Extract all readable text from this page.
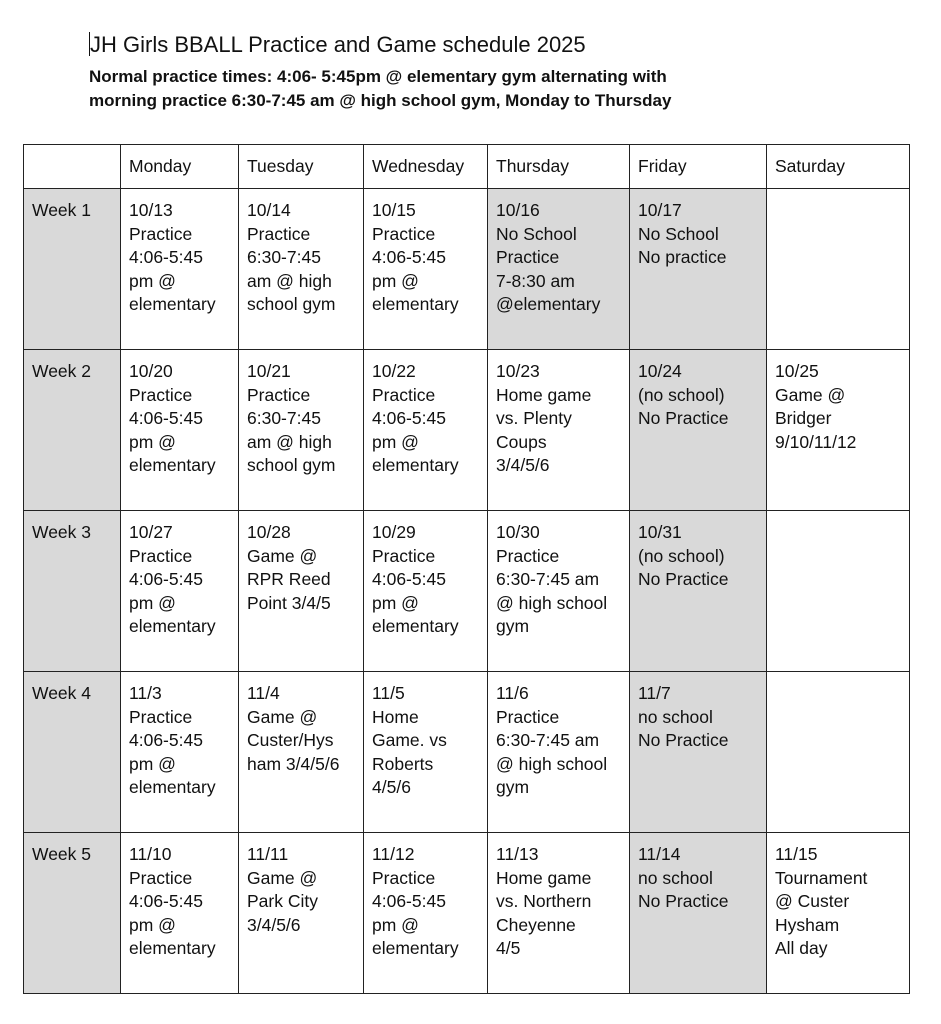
JH Girls BBALL Practice and Game schedule 2025

Normal practice times: 4:06- 5:45pm @ elementary gym alternating with
morning practice 6:30-7:45 am @ high school gym, Monday to Thursday

	Monday	Tuesday	Wednesday	Thursday	Friday	Saturday
Week 1	10/13
Practice
4:06-5:45
pm @
elementary	10/14
Practice
6:30-7:45
am @ high
school gym	10/15
Practice
4:06-5:45
pm @
elementary	10/16
No School
Practice
7-8:30 am
@elementary	10/17
No School
No practice	
Week 2	10/20
Practice
4:06-5:45
pm @
elementary	10/21
Practice
6:30-7:45
am @ high
school gym	10/22
Practice
4:06-5:45
pm @
elementary	10/23
Home game
vs. Plenty
Coups
3/4/5/6	10/24
(no school)
No Practice	10/25
Game @
Bridger
9/10/11/12
Week 3	10/27
Practice
4:06-5:45
pm @
elementary	10/28
Game @
RPR Reed
Point 3/4/5	10/29
Practice
4:06-5:45
pm @
elementary	10/30
Practice
6:30-7:45 am
@ high school
gym	10/31
(no school)
No Practice	
Week 4	11/3
Practice
4:06-5:45
pm @
elementary	11/4
Game @
Custer/Hys
ham 3/4/5/6	11/5
Home
Game. vs
Roberts
4/5/6	11/6
Practice
6:30-7:45 am
@ high school
gym	11/7
no school
No Practice	
Week 5	11/10
Practice
4:06-5:45
pm @
elementary	11/11
Game @
Park City
3/4/5/6	11/12
Practice
4:06-5:45
pm @
elementary	11/13
Home game
vs. Northern
Cheyenne
4/5	11/14
no school
No Practice	11/15
Tournament
@ Custer
Hysham
All day
